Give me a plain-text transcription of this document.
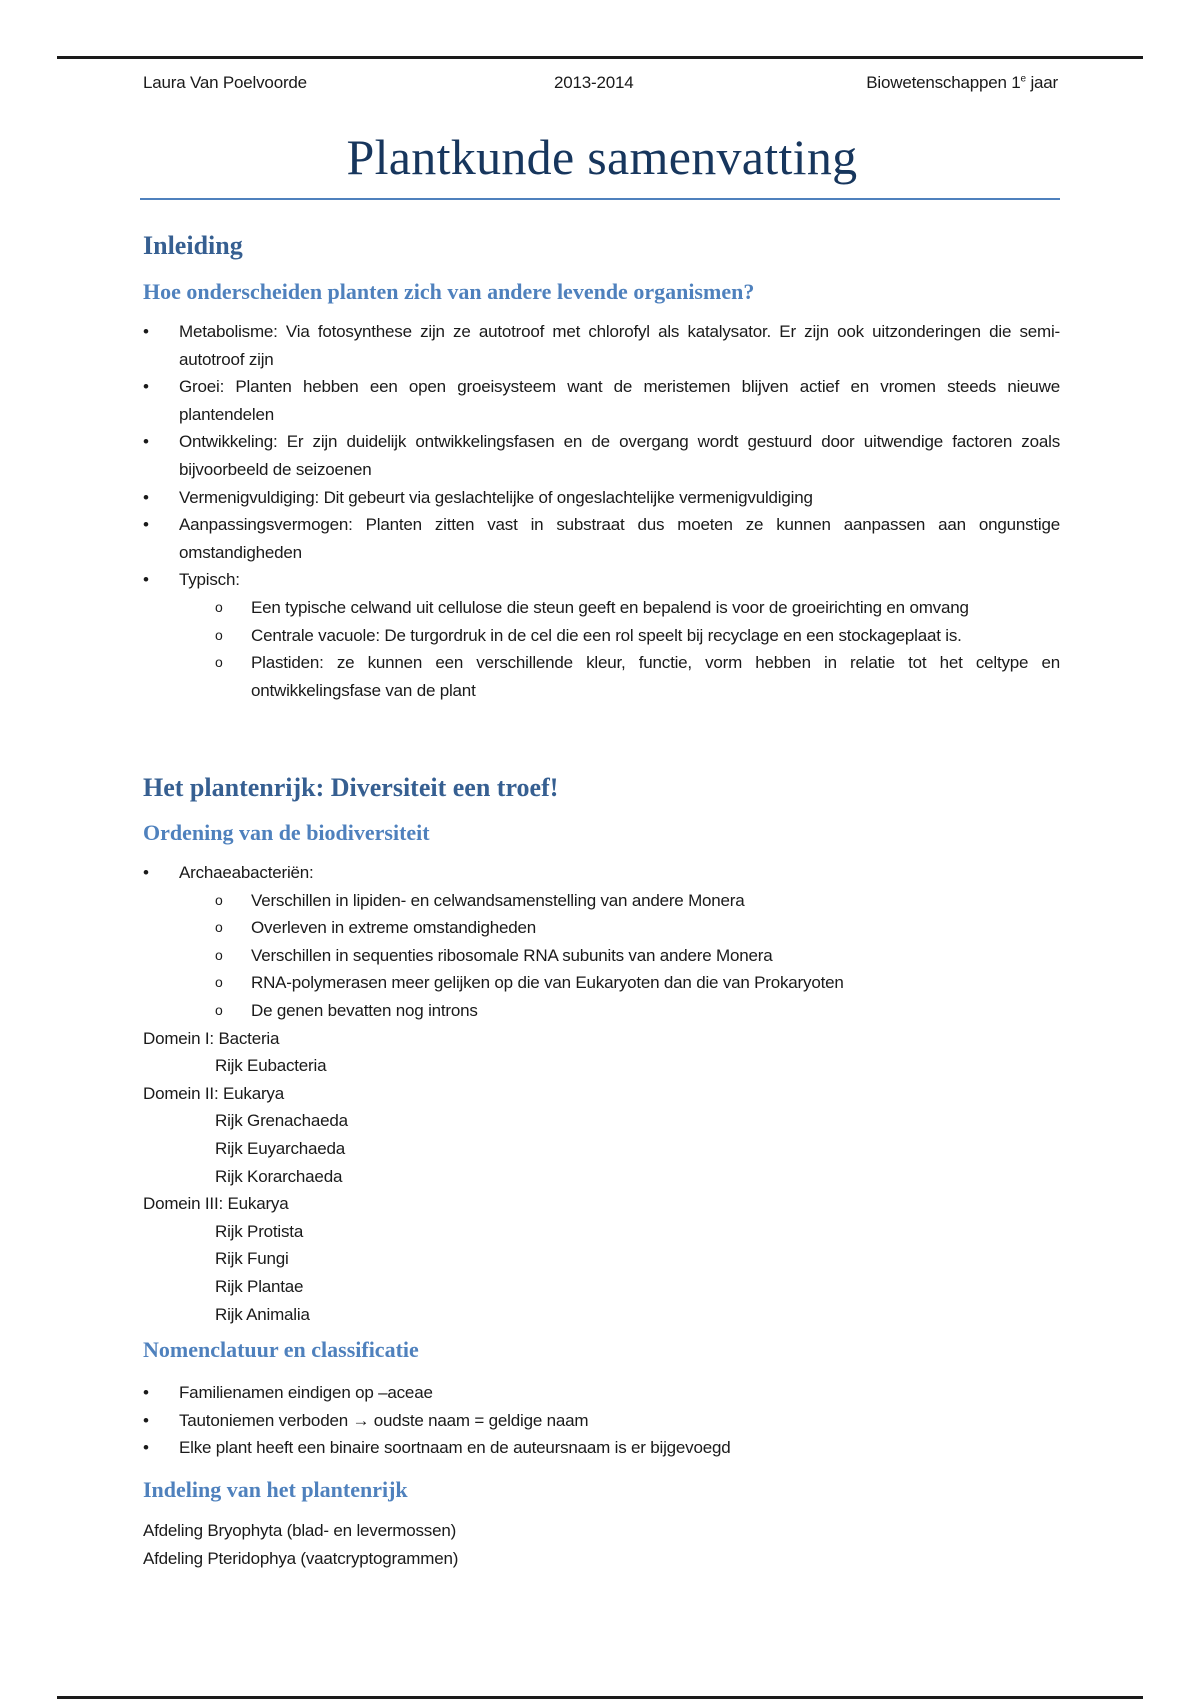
Laura Van Poelvoorde	2013-2014	Biowetenschappen 1e jaar
Plantkunde samenvatting
Inleiding
Hoe onderscheiden planten zich van andere levende organismen?
• Metabolisme: Via fotosynthese zijn ze autotroof met chlorofyl als katalysator. Er zijn ook uitzonderingen die semi-autotroof zijn
• Groei: Planten hebben een open groeisysteem want de meristemen blijven actief en vromen steeds nieuwe plantendelen
• Ontwikkeling: Er zijn duidelijk ontwikkelingsfasen en de overgang wordt gestuurd door uitwendige factoren zoals bijvoorbeeld de seizoenen
• Vermenigvuldiging: Dit gebeurt via geslachtelijke of ongeslachtelijke vermenigvuldiging
• Aanpassingsvermogen: Planten zitten vast in substraat dus moeten ze kunnen aanpassen aan ongunstige omstandigheden
• Typisch:
o Een typische celwand uit cellulose die steun geeft en bepalend is voor de groeirichting en omvang
o Centrale vacuole: De turgordruk in de cel die een rol speelt bij recyclage en een stockageplaat is.
o Plastiden: ze kunnen een verschillende kleur, functie, vorm hebben in relatie tot het celtype en ontwikkelingsfase van de plant
Het plantenrijk: Diversiteit een troef!
Ordening van de biodiversiteit
• Archaeabacteriën:
o Verschillen in lipiden- en celwandsamenstelling van andere Monera
o Overleven in extreme omstandigheden
o Verschillen in sequenties ribosomale RNA subunits van andere Monera
o RNA-polymerasen meer gelijken op die van Eukaryoten dan die van Prokaryoten
o De genen bevatten nog introns
Domein I: Bacteria
Rijk Eubacteria
Domein II: Eukarya
Rijk Grenachaeda
Rijk Euyarchaeda
Rijk Korarchaeda
Domein III: Eukarya
Rijk Protista
Rijk Fungi
Rijk Plantae
Rijk Animalia
Nomenclatuur en classificatie
• Familienamen eindigen op –aceae
• Tautoniemen verboden → oudste naam = geldige naam
• Elke plant heeft een binaire soortnaam en de auteursnaam is er bijgevoegd
Indeling van het plantenrijk
Afdeling Bryophyta (blad- en levermossen)
Afdeling Pteridophya (vaatcryptogrammen)
